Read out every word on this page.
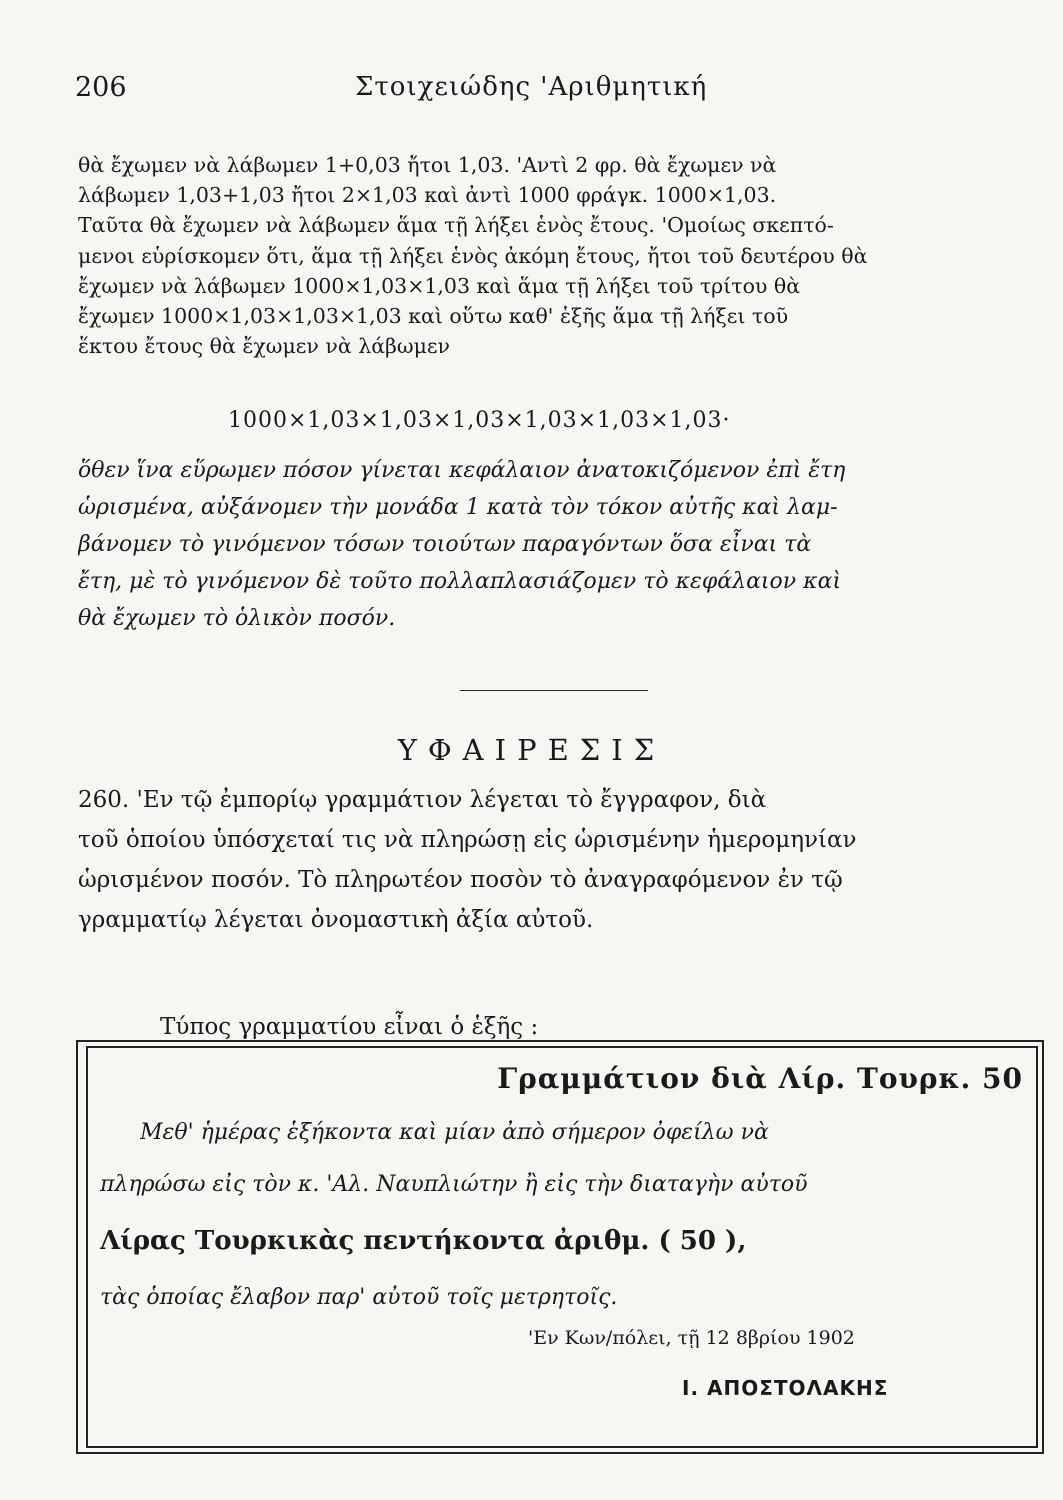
206	Στοιχειώδης 'Αριθμητική
θὰ ἔχωμεν νὰ λάβωμεν 1+0,03 ἤτοι 1,03. 'Αντὶ 2 φρ. θὰ ἔχωμεν νὰ
λάβωμεν 1,03+1,03 ἤτοι 2×1,03 καὶ ἀντὶ 1000 φράγκ. 1000×1,03.
Ταῦτα θὰ ἔχωμεν νὰ λάβωμεν ἅμα τῇ λήξει ἑνὸς ἔτους. 'Ομοίως σκεπτό-
μενοι εὑρίσκομεν ὅτι, ἅμα τῇ λήξει ἑνὸς ἀκόμη ἔτους, ἤτοι τοῦ δευτέρου θὰ
ἔχωμεν νὰ λάβωμεν 1000×1,03×1,03 καὶ ἅμα τῇ λήξει τοῦ τρίτου θὰ
ἔχωμεν 1000×1,03×1,03×1,03 καὶ οὕτω καθ' ἑξῆς ἅμα τῇ λήξει τοῦ
ἕκτου ἔτους θὰ ἔχωμεν νὰ λάβωμεν
1000×1,03×1,03×1,03×1,03×1,03×1,03·
ὅθεν ἵνα εὕρωμεν πόσον γίνεται κεφάλαιον ἀνατοκιζόμενον ἐπὶ ἔτη
ὡρισμένα, αὐξάνομεν τὴν μονάδα 1 κατὰ τὸν τόκον αὐτῆς καὶ λαμ-
βάνομεν τὸ γινόμενον τόσων τοιούτων παραγόντων ὅσα εἶναι τὰ
ἔτη, μὲ τὸ γινόμενον δὲ τοῦτο πολλαπλασιάζομεν τὸ κεφάλαιον καὶ
θὰ ἔχωμεν τὸ ὁλικὸν ποσόν.
ΥΦΑΙΡΕΣΙΣ
260. 'Εν τῷ ἐμπορίῳ γραμμάτιον λέγεται τὸ ἔγγραφον, διὰ
τοῦ ὁποίου ὑπόσχεταί τις νὰ πληρώσῃ εἰς ὡρισμένην ἡμερομηνίαν
ὡρισμένον ποσόν. Τὸ πληρωτέον ποσὸν τὸ ἀναγραφόμενον ἐν τῷ
γραμματίῳ λέγεται ὀνομαστικὴ ἀξία αὐτοῦ.
Τύπος γραμματίου εἶναι ὁ ἑξῆς :
Γραμμάτιον διὰ Λίρ. Τουρκ. 50
Μεθ' ἡμέρας ἑξήκοντα καὶ μίαν ἀπὸ σήμερον ὀφείλω νὰ
πληρώσω εἰς τὸν κ. 'Αλ. Ναυπλιώτην ἢ εἰς τὴν διαταγὴν αὐτοῦ
Λίρας Τουρκικὰς πεντήκοντα ἀριθμ. ( 50 ),
τὰς ὁποίας ἔλαβον παρ' αὐτοῦ τοῖς μετρητοῖς.
'Εν Κων/πόλει, τῇ 12 8βρίου 1902
Ι. ΑΠΟΣΤΟΛΑΚΗΣ
